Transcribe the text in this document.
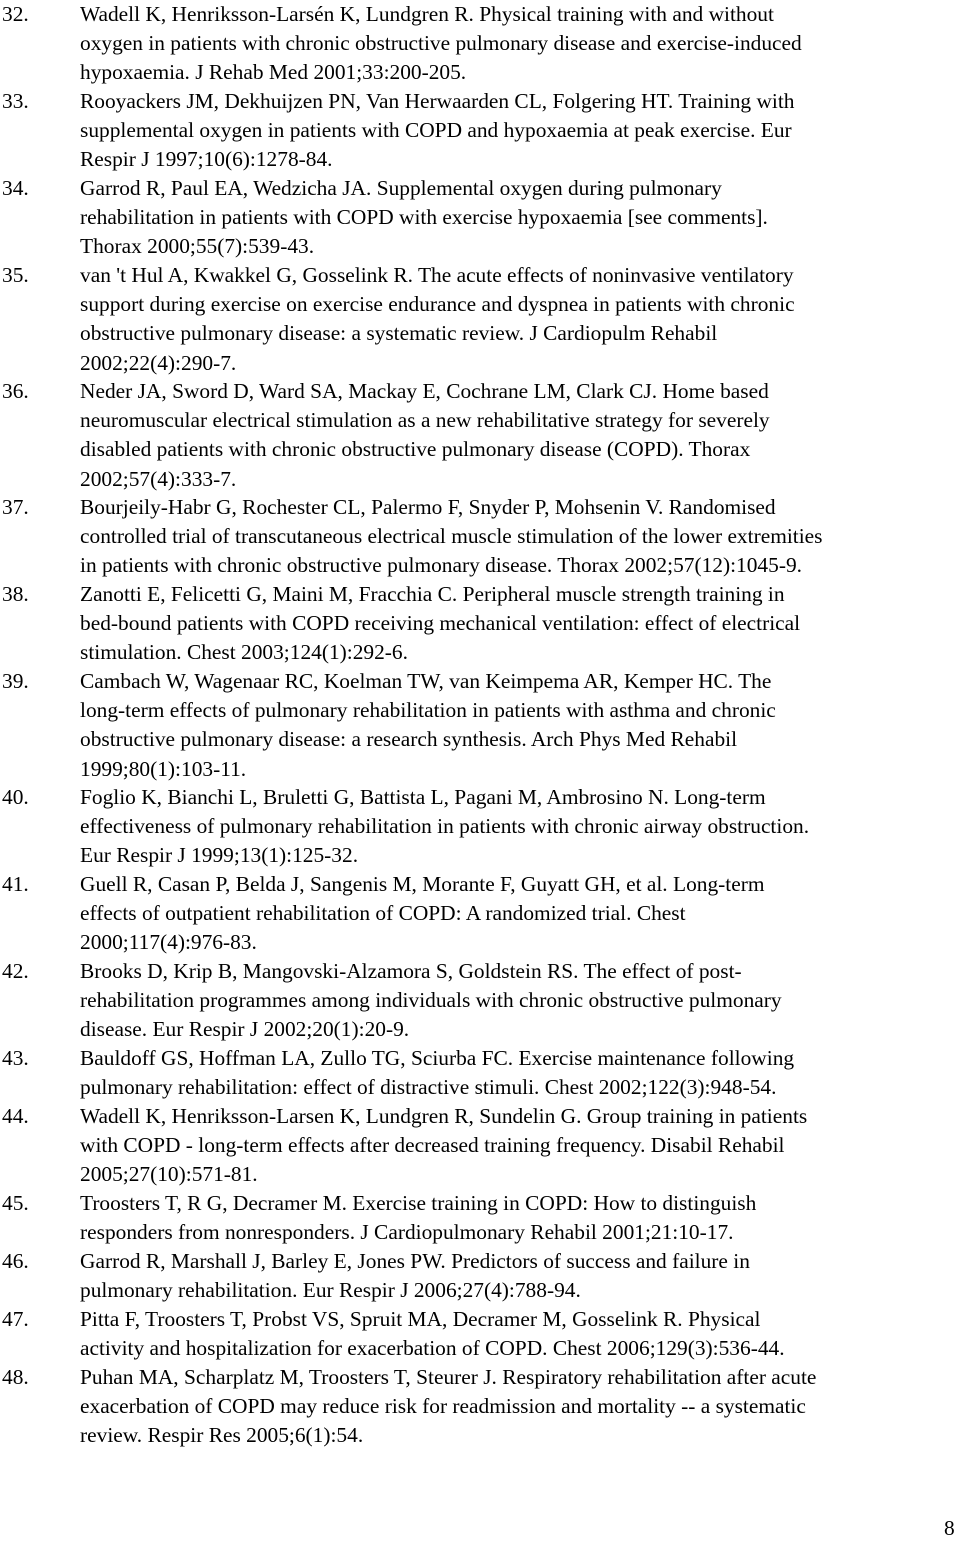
32. Wadell K, Henriksson-Larsén K, Lundgren R. Physical training with and without
oxygen in patients with chronic obstructive pulmonary disease and exercise-induced
hypoxaemia. J Rehab Med 2001;33:200-205.
33. Rooyackers JM, Dekhuijzen PN, Van Herwaarden CL, Folgering HT. Training with
supplemental oxygen in patients with COPD and hypoxaemia at peak exercise. Eur
Respir J 1997;10(6):1278-84.
34. Garrod R, Paul EA, Wedzicha JA. Supplemental oxygen during pulmonary
rehabilitation in patients with COPD with exercise hypoxaemia [see comments].
Thorax 2000;55(7):539-43.
35. van 't Hul A, Kwakkel G, Gosselink R. The acute effects of noninvasive ventilatory
support during exercise on exercise endurance and dyspnea in patients with chronic
obstructive pulmonary disease: a systematic review. J Cardiopulm Rehabil
2002;22(4):290-7.
36. Neder JA, Sword D, Ward SA, Mackay E, Cochrane LM, Clark CJ. Home based
neuromuscular electrical stimulation as a new rehabilitative strategy for severely
disabled patients with chronic obstructive pulmonary disease (COPD). Thorax
2002;57(4):333-7.
37. Bourjeily-Habr G, Rochester CL, Palermo F, Snyder P, Mohsenin V. Randomised
controlled trial of transcutaneous electrical muscle stimulation of the lower extremities
in patients with chronic obstructive pulmonary disease. Thorax 2002;57(12):1045-9.
38. Zanotti E, Felicetti G, Maini M, Fracchia C. Peripheral muscle strength training in
bed-bound patients with COPD receiving mechanical ventilation: effect of electrical
stimulation. Chest 2003;124(1):292-6.
39. Cambach W, Wagenaar RC, Koelman TW, van Keimpema AR, Kemper HC. The
long-term effects of pulmonary rehabilitation in patients with asthma and chronic
obstructive pulmonary disease: a research synthesis. Arch Phys Med Rehabil
1999;80(1):103-11.
40. Foglio K, Bianchi L, Bruletti G, Battista L, Pagani M, Ambrosino N. Long-term
effectiveness of pulmonary rehabilitation in patients with chronic airway obstruction.
Eur Respir J 1999;13(1):125-32.
41. Guell R, Casan P, Belda J, Sangenis M, Morante F, Guyatt GH, et al. Long-term
effects of outpatient rehabilitation of COPD: A randomized trial. Chest
2000;117(4):976-83.
42. Brooks D, Krip B, Mangovski-Alzamora S, Goldstein RS. The effect of post-
rehabilitation programmes among individuals with chronic obstructive pulmonary
disease. Eur Respir J 2002;20(1):20-9.
43. Bauldoff GS, Hoffman LA, Zullo TG, Sciurba FC. Exercise maintenance following
pulmonary rehabilitation: effect of distractive stimuli. Chest 2002;122(3):948-54.
44. Wadell K, Henriksson-Larsen K, Lundgren R, Sundelin G. Group training in patients
with COPD - long-term effects after decreased training frequency. Disabil Rehabil
2005;27(10):571-81.
45. Troosters T, R G, Decramer M. Exercise training in COPD: How to distinguish
responders from nonresponders. J Cardiopulmonary Rehabil 2001;21:10-17.
46. Garrod R, Marshall J, Barley E, Jones PW. Predictors of success and failure in
pulmonary rehabilitation. Eur Respir J 2006;27(4):788-94.
47. Pitta F, Troosters T, Probst VS, Spruit MA, Decramer M, Gosselink R. Physical
activity and hospitalization for exacerbation of COPD. Chest 2006;129(3):536-44.
48. Puhan MA, Scharplatz M, Troosters T, Steurer J. Respiratory rehabilitation after acute
exacerbation of COPD may reduce risk for readmission and mortality -- a systematic
review. Respir Res 2005;6(1):54.
8
